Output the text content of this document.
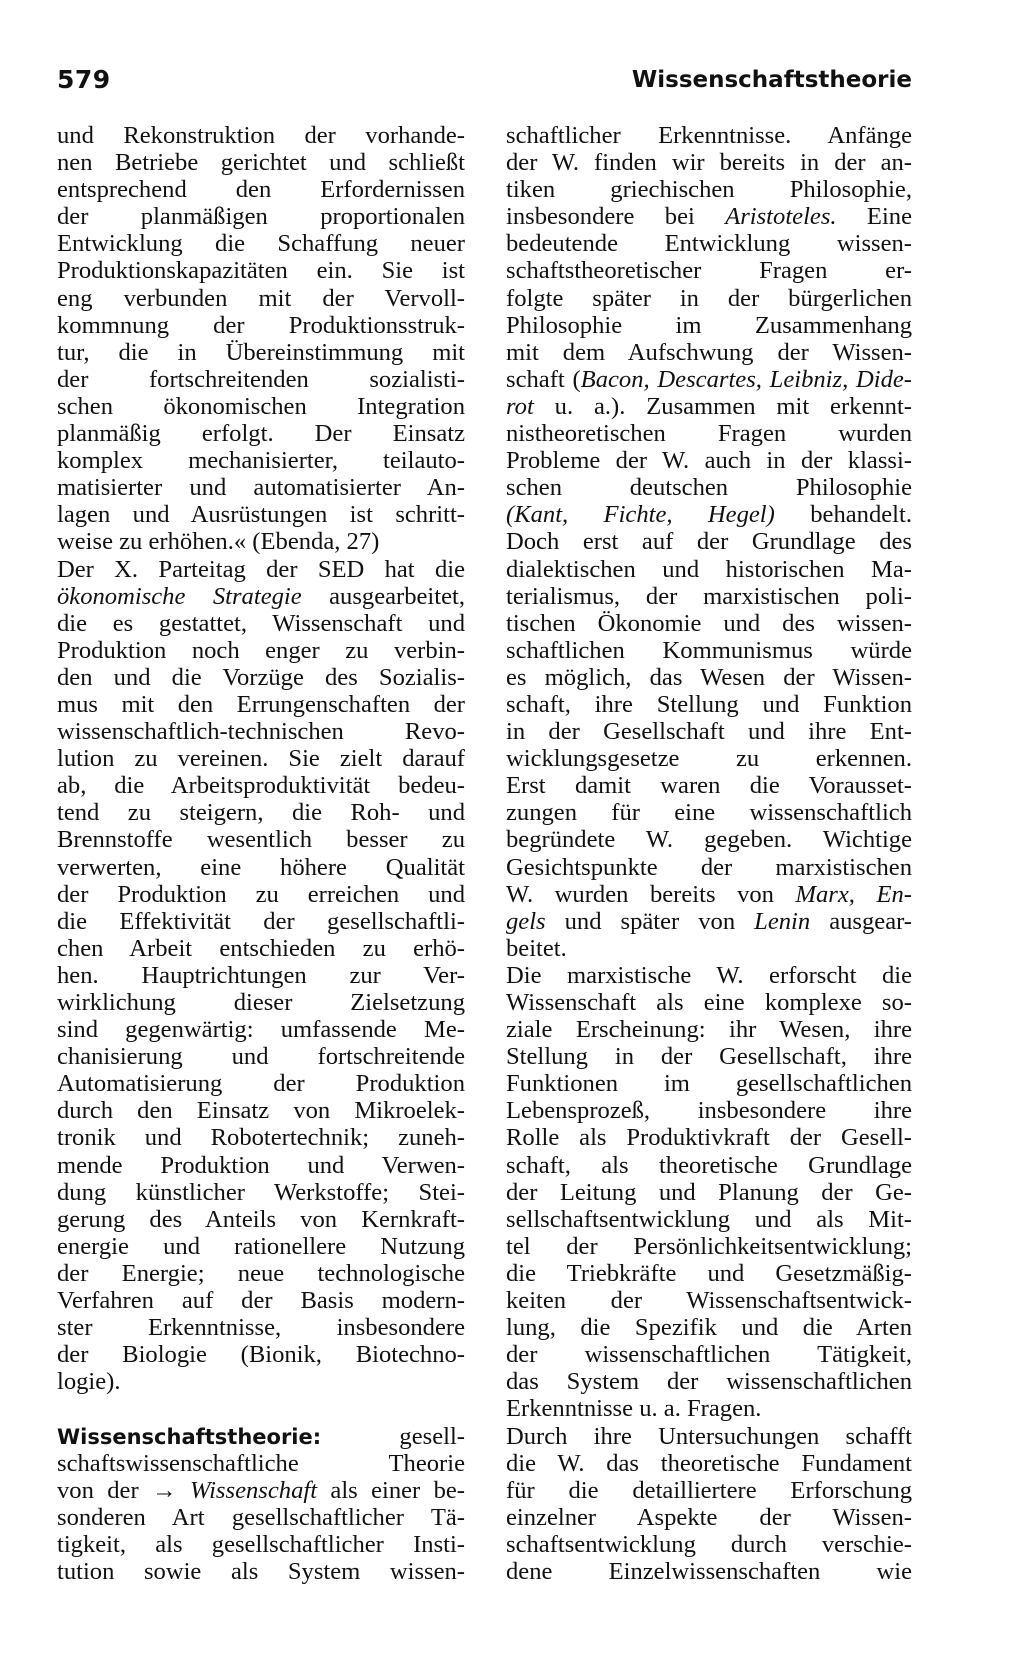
579	Wissenschaftstheorie
und Rekonstruktion der vorhande-
nen Betriebe gerichtet und schließt
entsprechend den Erfordernissen
der planmäßigen proportionalen
Entwicklung die Schaffung neuer
Produktionskapazitäten ein. Sie ist
eng verbunden mit der Vervoll-
kommnung der Produktionsstruk-
tur, die in Übereinstimmung mit
der fortschreitenden sozialisti-
schen ökonomischen Integration
planmäßig erfolgt. Der Einsatz
komplex mechanisierter, teilauto-
matisierter und automatisierter An-
lagen und Ausrüstungen ist schritt-
weise zu erhöhen.« (Ebenda, 27)
Der X. Parteitag der SED hat die
ökonomische Strategie ausgearbeitet,
die es gestattet, Wissenschaft und
Produktion noch enger zu verbin-
den und die Vorzüge des Sozialis-
mus mit den Errungenschaften der
wissenschaftlich-technischen Revo-
lution zu vereinen. Sie zielt darauf
ab, die Arbeitsproduktivität bedeu-
tend zu steigern, die Roh- und
Brennstoffe wesentlich besser zu
verwerten, eine höhere Qualität
der Produktion zu erreichen und
die Effektivität der gesellschaftli-
chen Arbeit entschieden zu erhö-
hen. Hauptrichtungen zur Ver-
wirklichung dieser Zielsetzung
sind gegenwärtig: umfassende Me-
chanisierung und fortschreitende
Automatisierung der Produktion
durch den Einsatz von Mikroelek-
tronik und Robotertechnik; zuneh-
mende Produktion und Verwen-
dung künstlicher Werkstoffe; Stei-
gerung des Anteils von Kernkraft-
energie und rationellere Nutzung
der Energie; neue technologische
Verfahren auf der Basis modern-
ster Erkenntnisse, insbesondere
der Biologie (Bionik, Biotechno-
logie).
Wissenschaftstheorie: gesell-
schaftswissenschaftliche Theorie
von der → Wissenschaft als einer be-
sonderen Art gesellschaftlicher Tä-
tigkeit, als gesellschaftlicher Insti-
tution sowie als System wissen-
schaftlicher Erkenntnisse. Anfänge
der W. finden wir bereits in der an-
tiken griechischen Philosophie,
insbesondere bei Aristoteles. Eine
bedeutende Entwicklung wissen-
schaftstheoretischer Fragen er-
folgte später in der bürgerlichen
Philosophie im Zusammenhang
mit dem Aufschwung der Wissen-
schaft (Bacon, Descartes, Leibniz, Dide-
rot u. a.). Zusammen mit erkennt-
nistheoretischen Fragen wurden
Probleme der W. auch in der klassi-
schen deutschen Philosophie
(Kant, Fichte, Hegel) behandelt.
Doch erst auf der Grundlage des
dialektischen und historischen Ma-
terialismus, der marxistischen poli-
tischen Ökonomie und des wissen-
schaftlichen Kommunismus würde
es möglich, das Wesen der Wissen-
schaft, ihre Stellung und Funktion
in der Gesellschaft und ihre Ent-
wicklungsgesetze zu erkennen.
Erst damit waren die Vorausset-
zungen für eine wissenschaftlich
begründete W. gegeben. Wichtige
Gesichtspunkte der marxistischen
W. wurden bereits von Marx, En-
gels und später von Lenin ausgear-
beitet.
Die marxistische W. erforscht die
Wissenschaft als eine komplexe so-
ziale Erscheinung: ihr Wesen, ihre
Stellung in der Gesellschaft, ihre
Funktionen im gesellschaftlichen
Lebensprozeß, insbesondere ihre
Rolle als Produktivkraft der Gesell-
schaft, als theoretische Grundlage
der Leitung und Planung der Ge-
sellschaftsentwicklung und als Mit-
tel der Persönlichkeitsentwicklung;
die Triebkräfte und Gesetzmäßig-
keiten der Wissenschaftsentwick-
lung, die Spezifik und die Arten
der wissenschaftlichen Tätigkeit,
das System der wissenschaftlichen
Erkenntnisse u. a. Fragen.
Durch ihre Untersuchungen schafft
die W. das theoretische Fundament
für die detailliertere Erforschung
einzelner Aspekte der Wissen-
schaftsentwicklung durch verschie-
dene Einzelwissenschaften wie
